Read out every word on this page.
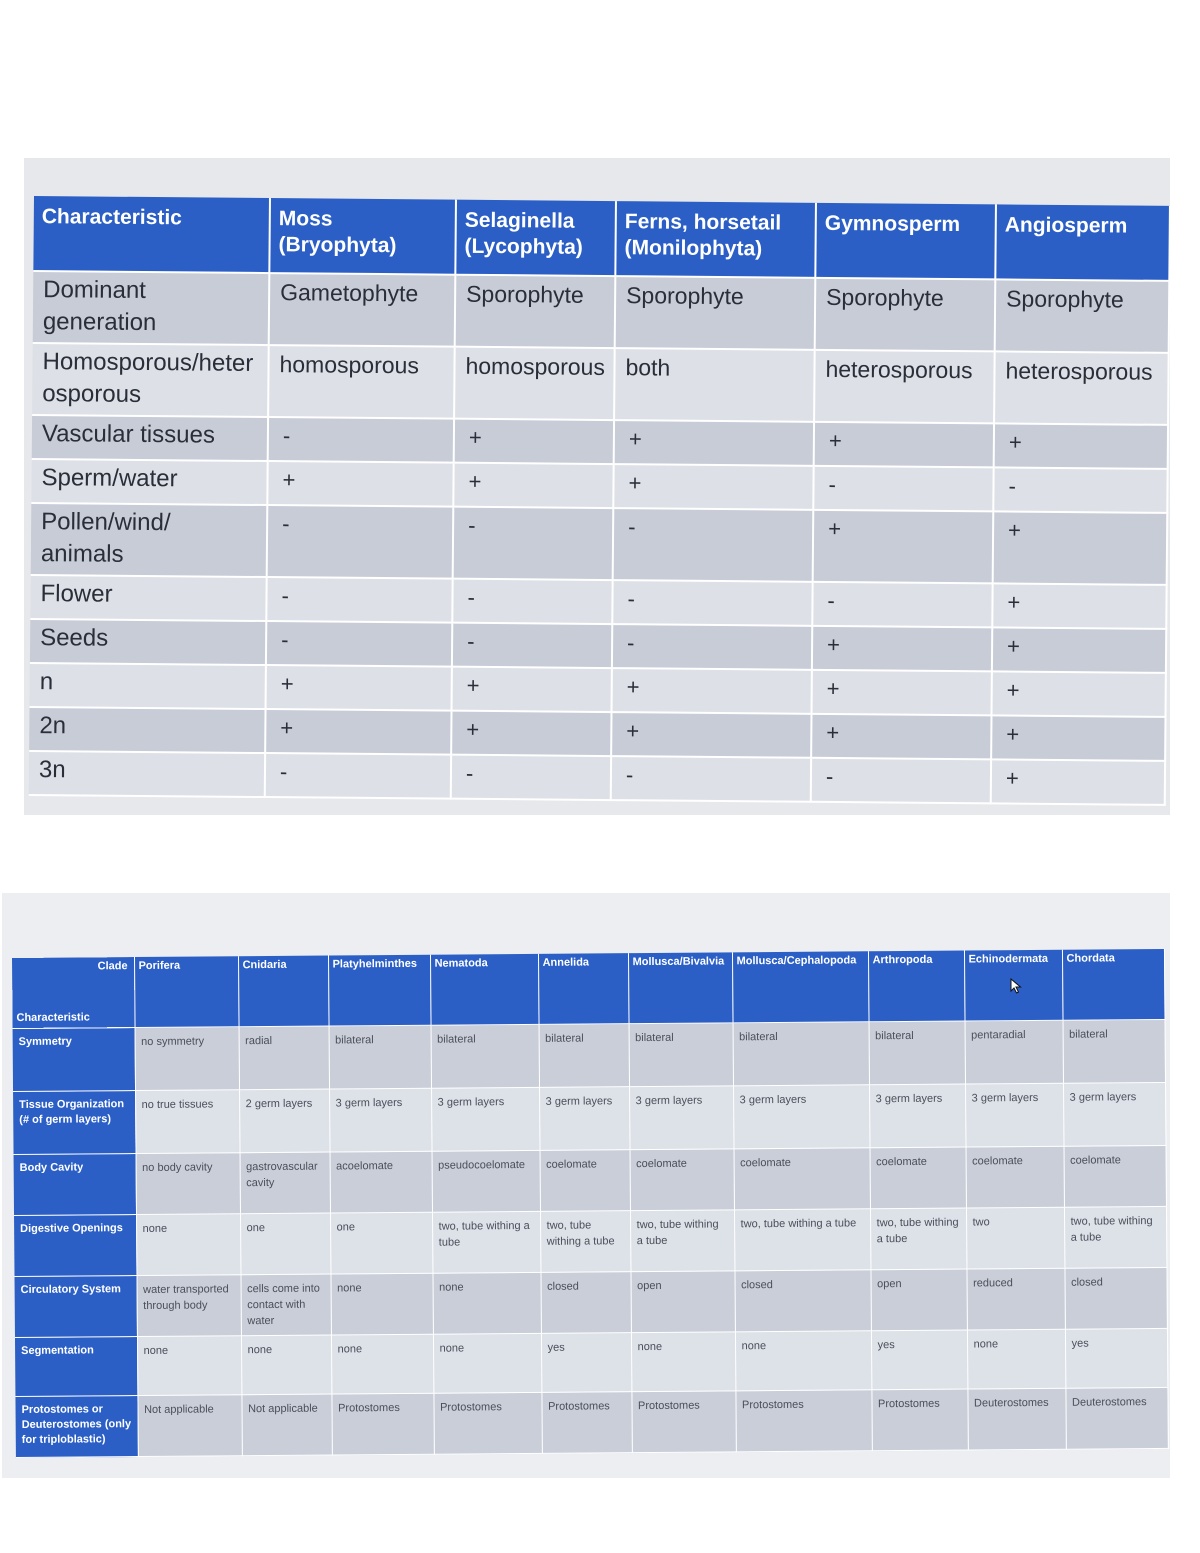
Characteristic	Moss (Bryophyta)	Selaginella (Lycophyta)	Ferns, horsetail (Monilophyta)	Gymnosperm	Angiosperm
Dominant generation	Gametophyte	Sporophyte	Sporophyte	Sporophyte	Sporophyte
Homosporous/heterosporous	homosporous	homosporous	both	heterosporous	heterosporous
Vascular tissues	-	+	+	+	+
Sperm/water	+	+	+	-	-
Pollen/wind/ animals	-	-	-	+	+
Flower	-	-	-	-	+
Seeds	-	-	-	+	+
n	+	+	+	+	+
2n	+	+	+	+	+
3n	-	-	-	-	+
Clade
Characteristic	Porifera	Cnidaria	Platyhelminthes	Nematoda	Annelida	Mollusca/Bivalvia	Mollusca/Cephalopoda	Arthropoda	Echinodermata	Chordata
Symmetry	no symmetry	radial	bilateral	bilateral	bilateral	bilateral	bilateral	bilateral	pentaradial	bilateral
Tissue Organization (# of germ layers)	no true tissues	2 germ layers	3 germ layers	3 germ layers	3 germ layers	3 germ layers	3 germ layers	3 germ layers	3 germ layers	3 germ layers
Body Cavity	no body cavity	gastrovascular cavity	acoelomate	pseudocoelomate	coelomate	coelomate	coelomate	coelomate	coelomate	coelomate
Digestive Openings	none	one	one	two, tube withing a tube	two, tube withing a tube	two, tube withing a tube	two, tube withing a tube	two, tube withing a tube	two	two, tube withing a tube
Circulatory System	water transported through body	cells come into contact with water	none	none	closed	open	closed	open	reduced	closed
Segmentation	none	none	none	none	yes	none	none	yes	none	yes
Protostomes or Deuterostomes (only for triploblastic)	Not applicable	Not applicable	Protostomes	Protostomes	Protostomes	Protostomes	Protostomes	Protostomes	Deuterostomes	Deuterostomes
